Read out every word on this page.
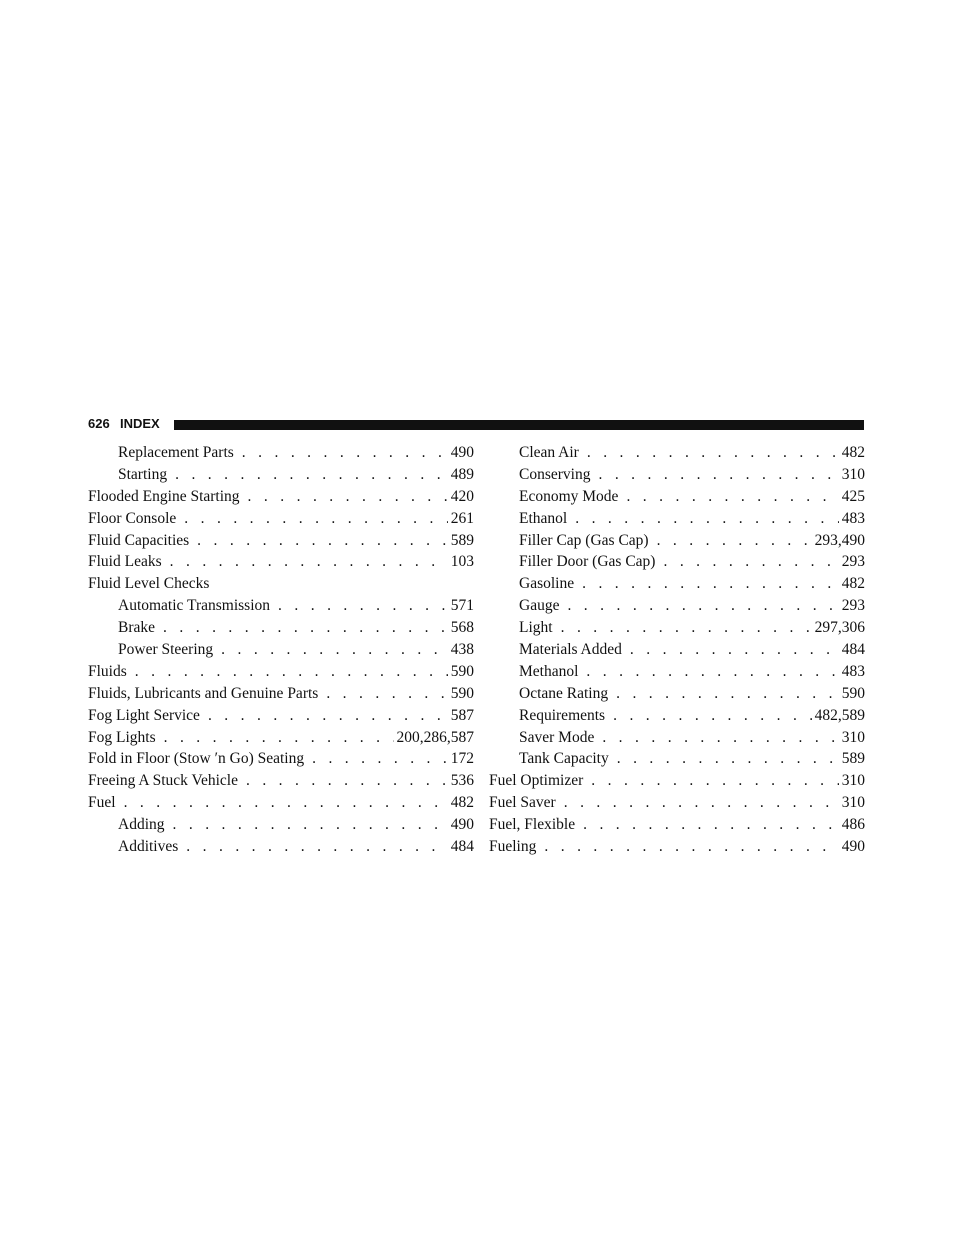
626 INDEX
Replacement Parts . . .	490
Starting . . .	489
Flooded Engine Starting . . .	420
Floor Console . . .	261
Fluid Capacities . . .	589
Fluid Leaks . . .	103
Fluid Level Checks
Automatic Transmission . . .	571
Brake . . .	568
Power Steering . . .	438
Fluids . . .	590
Fluids, Lubricants and Genuine Parts . . .	590
Fog Light Service . . .	587
Fog Lights . . .	200,286,587
Fold in Floor (Stow ′n Go) Seating . . .	172
Freeing A Stuck Vehicle . . .	536
Fuel . . .	482
Adding . . .	490
Additives . . .	484
Clean Air . . .	482
Conserving . . .	310
Economy Mode . . .	425
Ethanol . . .	483
Filler Cap (Gas Cap) . . .	293,490
Filler Door (Gas Cap) . . .	293
Gasoline . . .	482
Gauge . . .	293
Light . . .	297,306
Materials Added . . .	484
Methanol . . .	483
Octane Rating . . .	590
Requirements . . .	482,589
Saver Mode . . .	310
Tank Capacity . . .	589
Fuel Optimizer . . .	310
Fuel Saver . . .	310
Fuel, Flexible . . .	486
Fueling . . .	490
